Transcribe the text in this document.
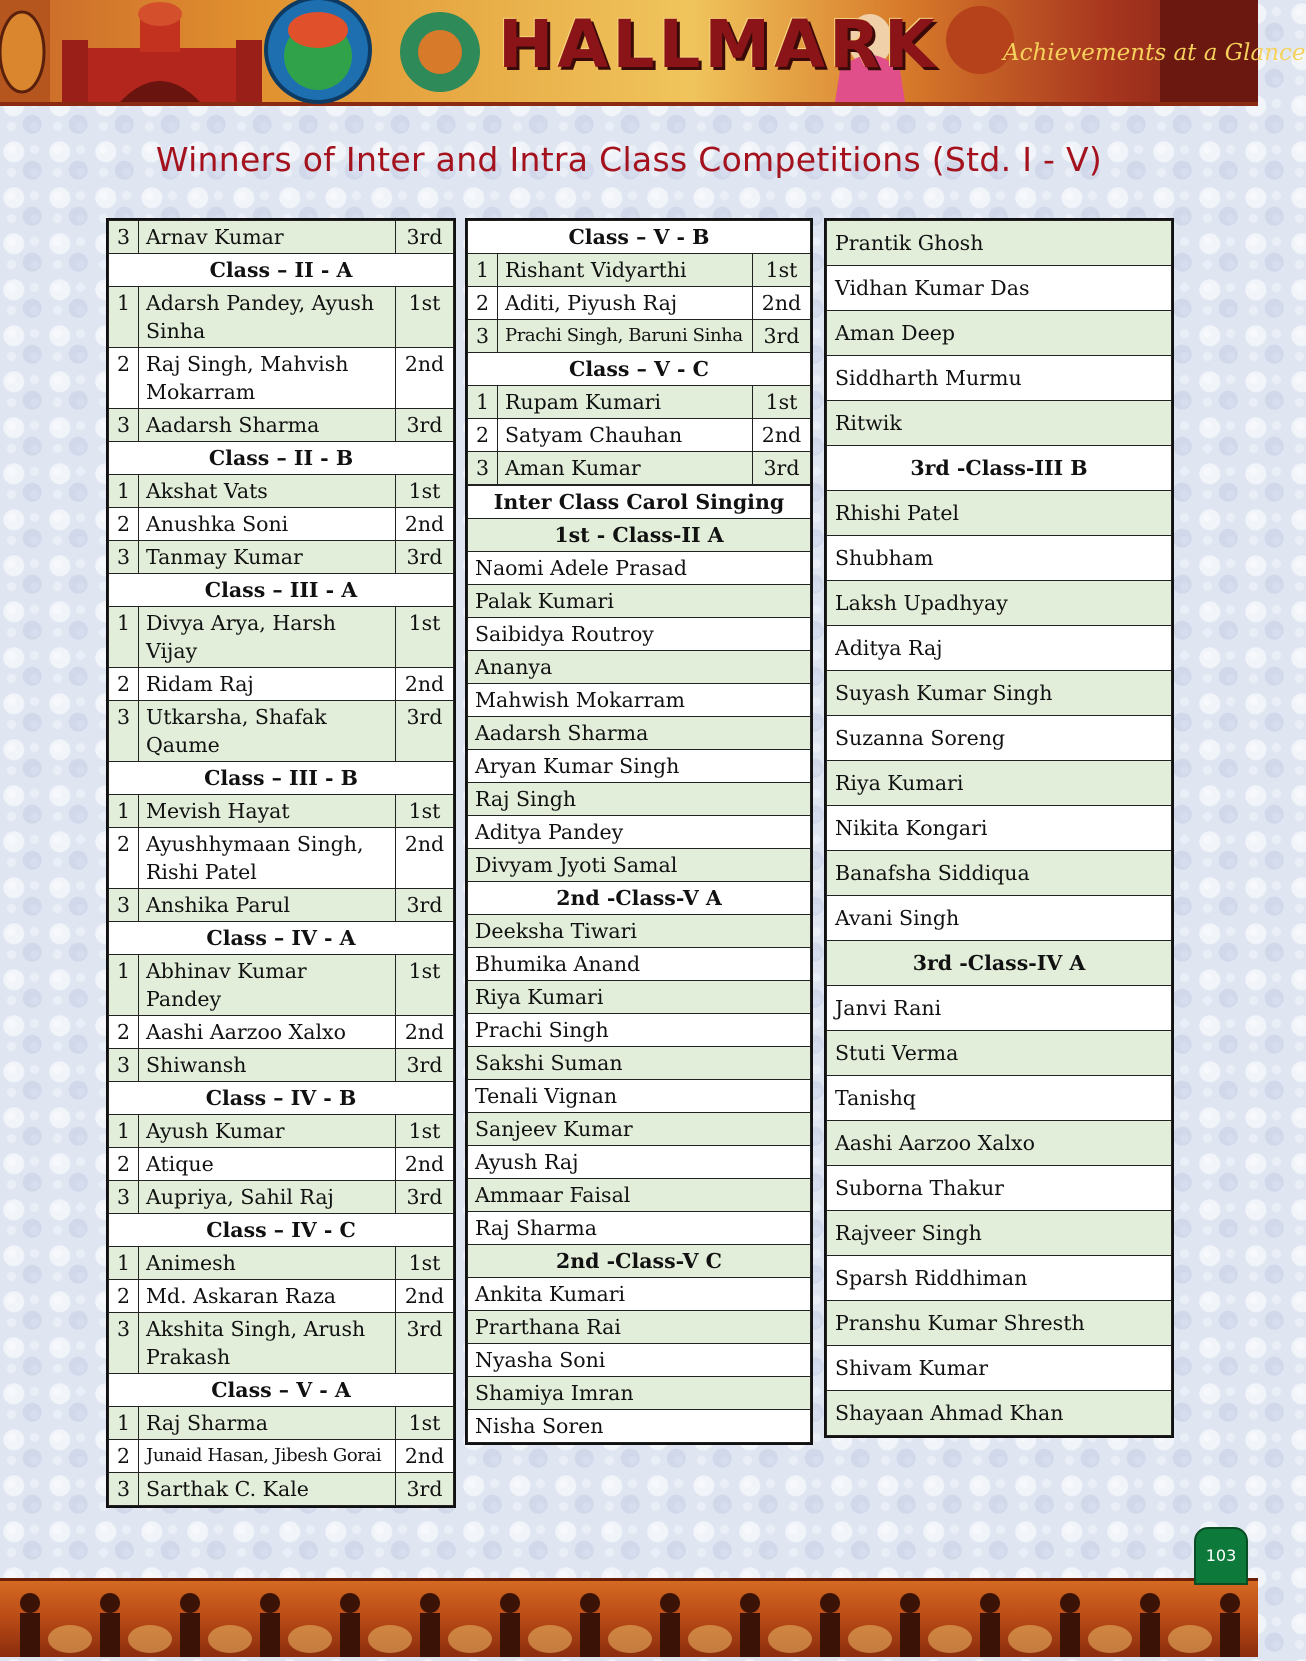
HALLMARK	Achievements at a Glance
Winners of Inter and Intra Class Competitions (Std. I - V)
3	Arnav Kumar	3rd
Class – II - A		
1	Adarsh Pandey, Ayush Sinha	1st
2	Raj Singh, Mahvish Mokarram	2nd
3	Aadarsh Sharma	3rd
Class – II - B		
1	Akshat Vats	1st
2	Anushka Soni	2nd
3	Tanmay Kumar	3rd
Class – III - A		
1	Divya Arya, Harsh Vijay	1st
2	Ridam Raj	2nd
3	Utkarsha, Shafak Qaume	3rd
Class – III - B		
1	Mevish Hayat	1st
2	Ayushhymaan Singh, Rishi Patel	2nd
3	Anshika Parul	3rd
Class – IV - A		
1	Abhinav Kumar Pandey	1st
2	Aashi Aarzoo Xalxo	2nd
3	Shiwansh	3rd
Class – IV - B		
1	Ayush Kumar	1st
2	Atique	2nd
3	Aupriya, Sahil Raj	3rd
Class – IV - C		
1	Animesh	1st
2	Md. Askaran Raza	2nd
3	Akshita Singh, Arush Prakash	3rd
Class – V - A		
1	Raj Sharma	1st
2	Junaid Hasan, Jibesh Gorai	2nd
3	Sarthak C. Kale	3rd
Class – V - B		
1	Rishant Vidyarthi	1st
2	Aditi, Piyush Raj	2nd
3	Prachi Singh, Baruni Sinha	3rd
Class – V - C		
1	Rupam Kumari	1st
2	Satyam Chauhan	2nd
3	Aman Kumar	3rd
Inter Class Carol Singing
1st - Class-II A
Naomi Adele Prasad
Palak Kumari
Saibidya Routroy
Ananya
Mahwish Mokarram
Aadarsh Sharma
Aryan Kumar Singh
Raj Singh
Aditya Pandey
Divyam Jyoti Samal
2nd -Class-V A
Deeksha Tiwari
Bhumika Anand
Riya Kumari
Prachi Singh
Sakshi Suman
Tenali Vignan
Sanjeev Kumar
Ayush Raj
Ammaar Faisal
Raj Sharma
2nd -Class-V C
Ankita Kumari
Prarthana Rai
Nyasha Soni
Shamiya Imran
Nisha Soren
Prantik Ghosh
Vidhan Kumar Das
Aman Deep
Siddharth Murmu
Ritwik
3rd -Class-III B
Rhishi Patel
Shubham
Laksh Upadhyay
Aditya Raj
Suyash Kumar Singh
Suzanna Soreng
Riya Kumari
Nikita Kongari
Banafsha Siddiqua
Avani Singh
3rd -Class-IV A
Janvi Rani
Stuti Verma
Tanishq
Aashi Aarzoo Xalxo
Suborna Thakur
Rajveer Singh
Sparsh Riddhiman
Pranshu Kumar Shresth
Shivam Kumar
Shayaan Ahmad Khan
103
